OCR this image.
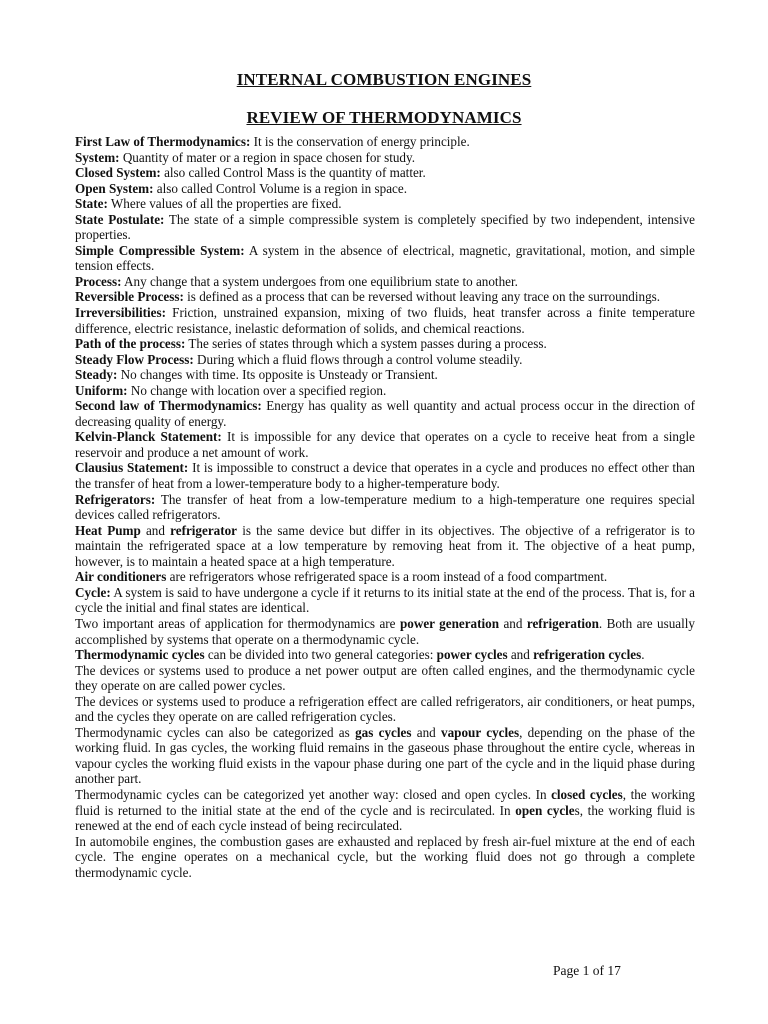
INTERNAL COMBUSTION ENGINES
REVIEW OF THERMODYNAMICS

First Law of Thermodynamics: It is the conservation of energy principle.

System: Quantity of mater or a region in space chosen for study.

Closed System: also called Control Mass is the quantity of matter.

Open System: also called Control Volume is a region in space.

State: Where values of all the properties are fixed.

State Postulate: The state of a simple compressible system is completely specified by two independent, intensive properties.

Simple Compressible System: A system in the absence of electrical, magnetic, gravitational, motion, and simple tension effects.

Process: Any change that a system undergoes from one equilibrium state to another.

Reversible Process: is defined as a process that can be reversed without leaving any trace on the surroundings.

Irreversibilities: Friction, unstrained expansion, mixing of two fluids, heat transfer across a finite temperature difference, electric resistance, inelastic deformation of solids, and chemical reactions.

Path of the process: The series of states through which a system passes during a process.

Steady Flow Process: During which a fluid flows through a control volume steadily.

Steady: No changes with time. Its opposite is Unsteady or Transient.

Uniform: No change with location over a specified region.

Second law of Thermodynamics: Energy has quality as well quantity and actual process occur in the direction of decreasing quality of energy.

Kelvin-Planck Statement: It is impossible for any device that operates on a cycle to receive heat from a single reservoir and produce a net amount of work.

Clausius Statement: It is impossible to construct a device that operates in a cycle and produces no effect other than the transfer of heat from a lower-temperature body to a higher-temperature body.

Refrigerators: The transfer of heat from a low-temperature medium to a high-temperature one requires special devices called refrigerators.

Heat Pump and refrigerator is the same device but differ in its objectives. The objective of a refrigerator is to maintain the refrigerated space at a low temperature by removing heat from it. The objective of a heat pump, however, is to maintain a heated space at a high temperature.

Air conditioners are refrigerators whose refrigerated space is a room instead of a food compartment.

Cycle: A system is said to have undergone a cycle if it returns to its initial state at the end of the process. That is, for a cycle the initial and final states are identical.

Two important areas of application for thermodynamics are power generation and refrigeration. Both are usually accomplished by systems that operate on a thermodynamic cycle.

Thermodynamic cycles can be divided into two general categories: power cycles and refrigeration cycles.

The devices or systems used to produce a net power output are often called engines, and the thermodynamic cycle they operate on are called power cycles.

The devices or systems used to produce a refrigeration effect are called refrigerators, air conditioners, or heat pumps, and the cycles they operate on are called refrigeration cycles.

Thermodynamic cycles can also be categorized as gas cycles and vapour cycles, depending on the phase of the working fluid. In gas cycles, the working fluid remains in the gaseous phase throughout the entire cycle, whereas in vapour cycles the working fluid exists in the vapour phase during one part of the cycle and in the liquid phase during another part.

Thermodynamic cycles can be categorized yet another way: closed and open cycles. In closed cycles, the working fluid is returned to the initial state at the end of the cycle and is recirculated. In open cycles, the working fluid is renewed at the end of each cycle instead of being recirculated.

In automobile engines, the combustion gases are exhausted and replaced by fresh air-fuel mixture at the end of each cycle. The engine operates on a mechanical cycle, but the working fluid does not go through a complete thermodynamic cycle.

Page 1 of 17
